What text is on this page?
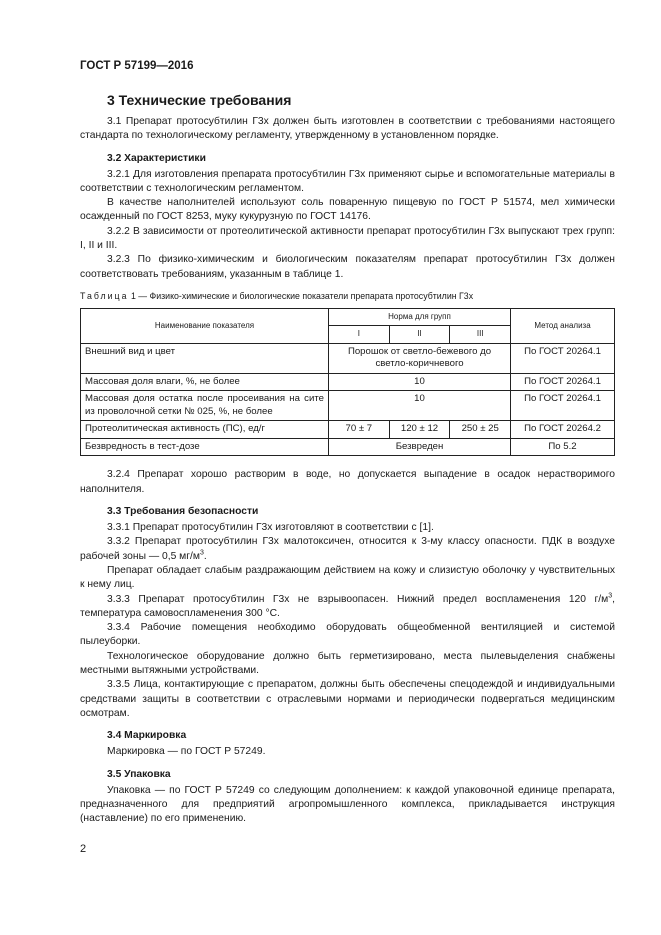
ГОСТ Р 57199—2016
3 Технические требования

3.1 Препарат протосубтилин Г3х должен быть изготовлен в соответствии с требованиями настоящего стандарта по технологическому регламенту, утвержденному в установленном порядке.

3.2 Характеристики

3.2.1 Для изготовления препарата протосубтилин Г3х применяют сырье и вспомогательные материалы в соответствии с технологическим регламентом.

В качестве наполнителей используют соль поваренную пищевую по ГОСТ Р 51574, мел химически осажденный по ГОСТ 8253, муку кукурузную по ГОСТ 14176.

3.2.2 В зависимости от протеолитической активности препарат протосубтилин Г3х выпускают трех групп: I, II и III.

3.2.3 По физико-химическим и биологическим показателям препарат протосубтилин Г3х должен соответствовать требованиям, указанным в таблице 1.

Таблица 1 — Физико-химические и биологические показатели препарата протосубтилин Г3х
Наименование показателя	Норма для групп			Метод анализа
	I	II	III	
Внешний вид и цвет	Порошок от светло-бежевого до светло-коричневого			По ГОСТ 20264.1
Массовая доля влаги, %, не более	10			По ГОСТ 20264.1
Массовая доля остатка после просеивания на сите из проволочной сетки № 025, %, не более	10			По ГОСТ 20264.1
Протеолитическая активность (ПС), ед/г	70 ± 7	120 ± 12	250 ± 25	По ГОСТ 20264.2
Безвредность в тест-дозе	Безвреден			По 5.2

3.2.4 Препарат хорошо растворим в воде, но допускается выпадение в осадок нерастворимого наполнителя.

3.3 Требования безопасности

3.3.1 Препарат протосубтилин Г3х изготовляют в соответствии с [1].

3.3.2 Препарат протосубтилин Г3х малотоксичен, относится к 3-му классу опасности. ПДК в воздухе рабочей зоны — 0,5 $мг/м^3$.

Препарат обладает слабым раздражающим действием на кожу и слизистую оболочку у чувствительных к нему лиц.

3.3.3 Препарат протосубтилин Г3х не взрывоопасен. Нижний предел воспламенения 120 $г/м^3$, температура самовоспламенения 300 °С.

3.3.4 Рабочие помещения необходимо оборудовать общеобменной вентиляцией и системой пылеуборки.

Технологическое оборудование должно быть герметизировано, места пылевыделения снабжены местными вытяжными устройствами.

3.3.5 Лица, контактирующие с препаратом, должны быть обеспечены спецодеждой и индивидуальными средствами защиты в соответствии с отраслевыми нормами и периодически подвергаться медицинским осмотрам.

3.4 Маркировка

Маркировка — по ГОСТ Р 57249.

3.5 Упаковка

Упаковка — по ГОСТ Р 57249 со следующим дополнением: к каждой упаковочной единице препарата, предназначенного для предприятий агропромышленного комплекса, прикладывается инструкция (наставление) по его применению.

2
